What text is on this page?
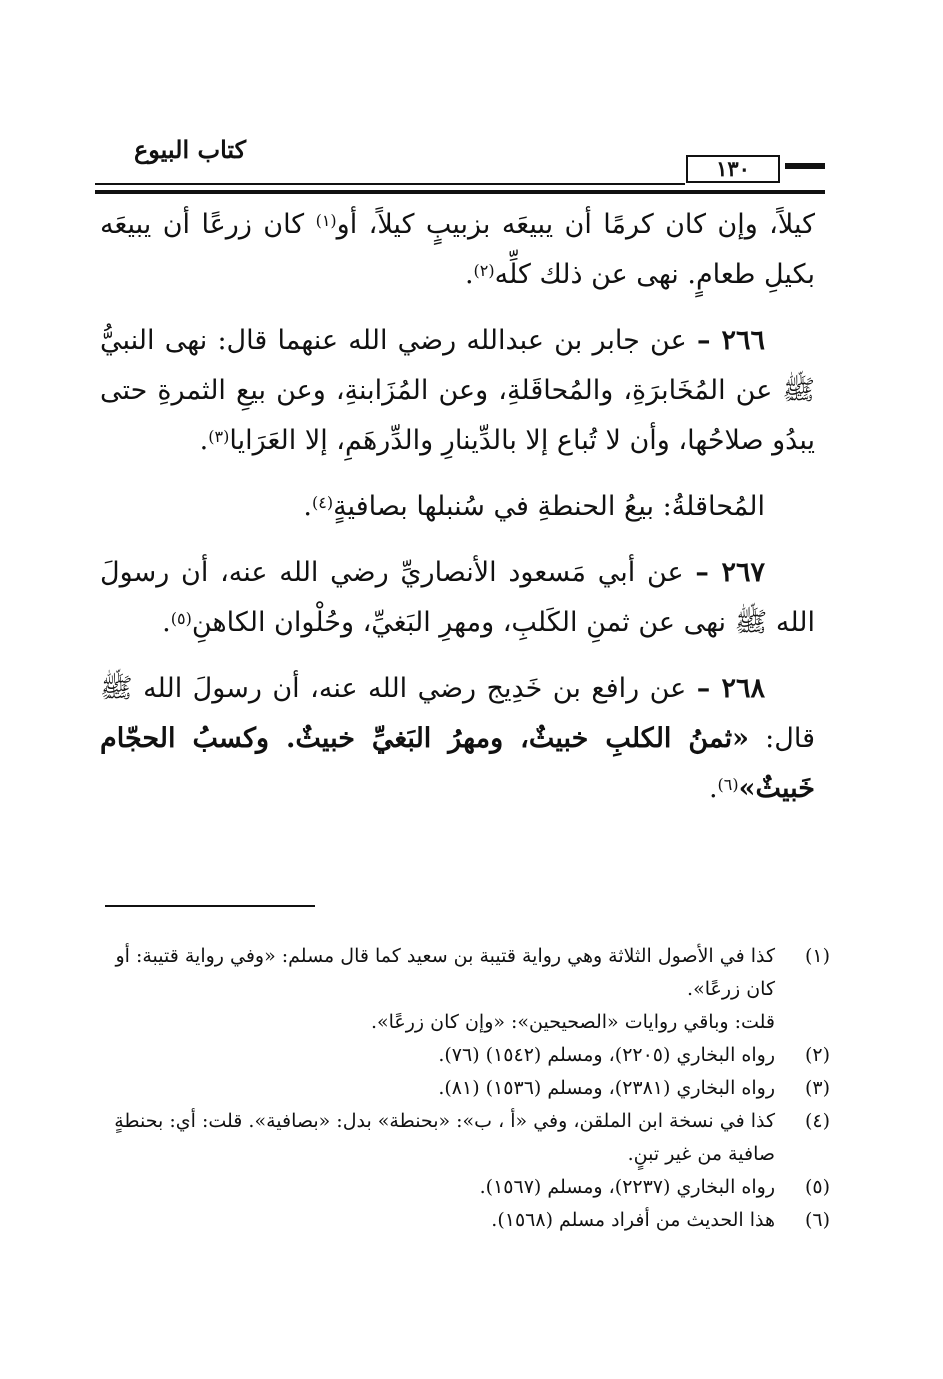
كتاب البيوع
١٣٠

كيلاً، وإن كان كرمًا أن يبيعَه بزبيبٍ كيلاً، أو$^{(١)}$ كان زرعًا أن يبيعَه بكيلِ طعامٍ. نهى عن ذلك كلِّه$^{(٢)}$.

٢٦٦ – عن جابر بن عبدالله رضي الله عنهما قال: نهى النبيُّ ﷺ عن المُخَابرَةِ، والمُحاقَلةِ، وعن المُزَابنةِ، وعن بيعِ الثمرةِ حتى يبدُو صلاحُها، وأن لا تُباع إلا بالدِّينارِ والدِّرهَمِ، إلا العَرَايا$^{(٣)}$.

المُحاقلةُ: بيعُ الحنطةِ في سُنبلها بصافيةٍ$^{(٤)}$.

٢٦٧ – عن أبي مَسعود الأنصاريِّ رضي الله عنه، أن رسولَ الله ﷺ نهى عن ثمنِ الكَلبِ، ومهرِ البَغيِّ، وحُلْوان الكاهنِ$^{(٥)}$.

٢٦٨ – عن رافع بن خَدِيج رضي الله عنه، أن رسولَ الله ﷺ قال: «ثمنُ الكلبِ خبيثٌ، ومهرُ البَغيِّ خبيثٌ. وكسبُ الحجّام خَبيثٌ»$^{(٦)}$.

(١)
كذا في الأصول الثلاثة وهي رواية قتيبة بن سعيد كما قال مسلم: «وفي رواية قتيبة: أو كان زرعًا».
قلت: وباقي روايات «الصحيحين»: «وإن كان زرعًا».
(٢)
رواه البخاري (٢٢٠٥)، ومسلم (١٥٤٢) (٧٦).
(٣)
رواه البخاري (٢٣٨١)، ومسلم (١٥٣٦) (٨١).
(٤)
كذا في نسخة ابن الملقن، وفي «أ ، ب»: «بحنطة» بدل: «بصافية». قلت: أي: بحنطةٍ صافية من غير تبنٍ.
(٥)
رواه البخاري (٢٢٣٧)، ومسلم (١٥٦٧).
(٦)
هذا الحديث من أفراد مسلم (١٥٦٨).
